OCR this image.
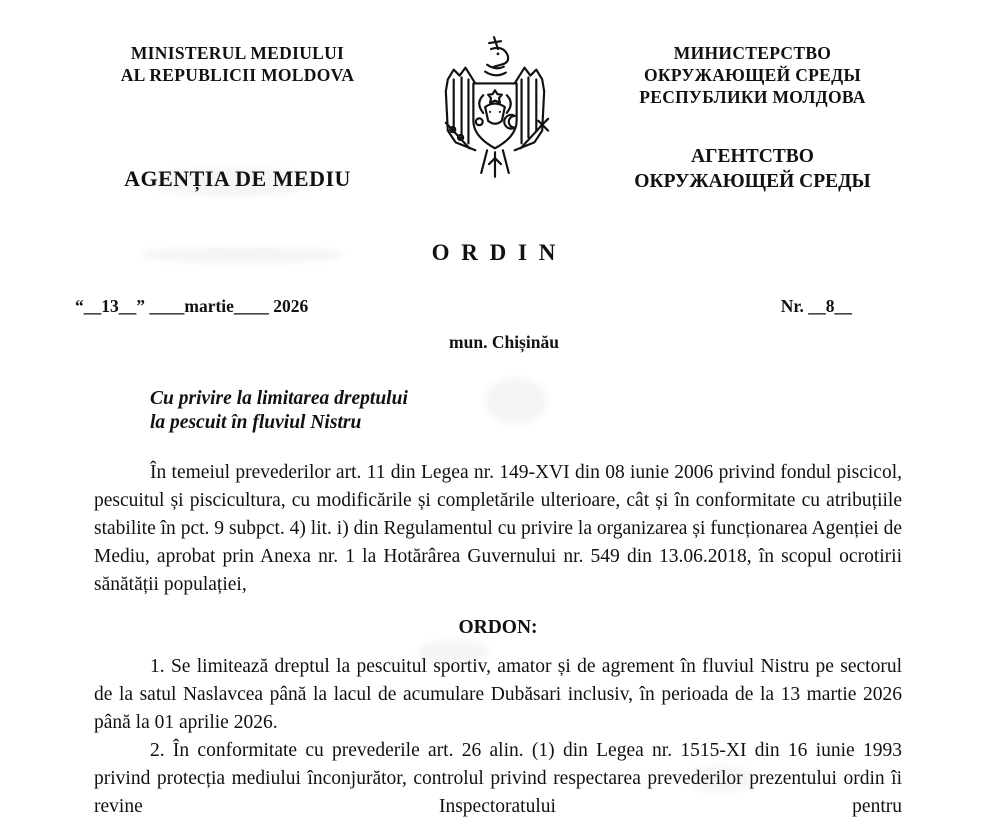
MINISTERUL MEDIULUI
AL REPUBLICII MOLDOVA
AGENȚIA DE MEDIU
МИНИСТЕРСТВО
ОКРУЖАЮЩЕЙ СРЕДЫ
РЕСПУБЛИКИ МОЛДОВА
АГЕНТСТВО
ОКРУЖАЮЩЕЙ СРЕДЫ
O R D I N
“__13__” ____martie____ 2026	Nr. __8__
mun. Chișinău
Cu privire la limitarea dreptului
la pescuit în fluviul Nistru

În temeiul prevederilor art. 11 din Legea nr. 149-XVI din 08 iunie 2006 privind fondul piscicol, pescuitul și piscicultura, cu modificările și completările ulterioare, cât și în conformitate cu atribuțiile stabilite în pct. 9 subpct. 4) lit. i) din Regulamentul cu privire la organizarea și funcționarea Agenției de Mediu, aprobat prin Anexa nr. 1 la Hotărârea Guvernului nr. 549 din 13.06.2018, în scopul ocrotirii sănătății populației,

ORDON:

1. Se limitează dreptul la pescuitul sportiv, amator și de agrement în fluviul Nistru pe sectorul de la satul Naslavcea până la lacul de acumulare Dubăsari inclusiv, în perioada de la 13 martie 2026 până la 01 aprilie 2026.

2. În conformitate cu prevederile art. 26 alin. (1) din Legea nr. 1515-XI din 16 iunie 1993 privind protecția mediului înconjurător, controlul privind respectarea prevederilor prezentului ordin îi revine Inspectoratului pentru
